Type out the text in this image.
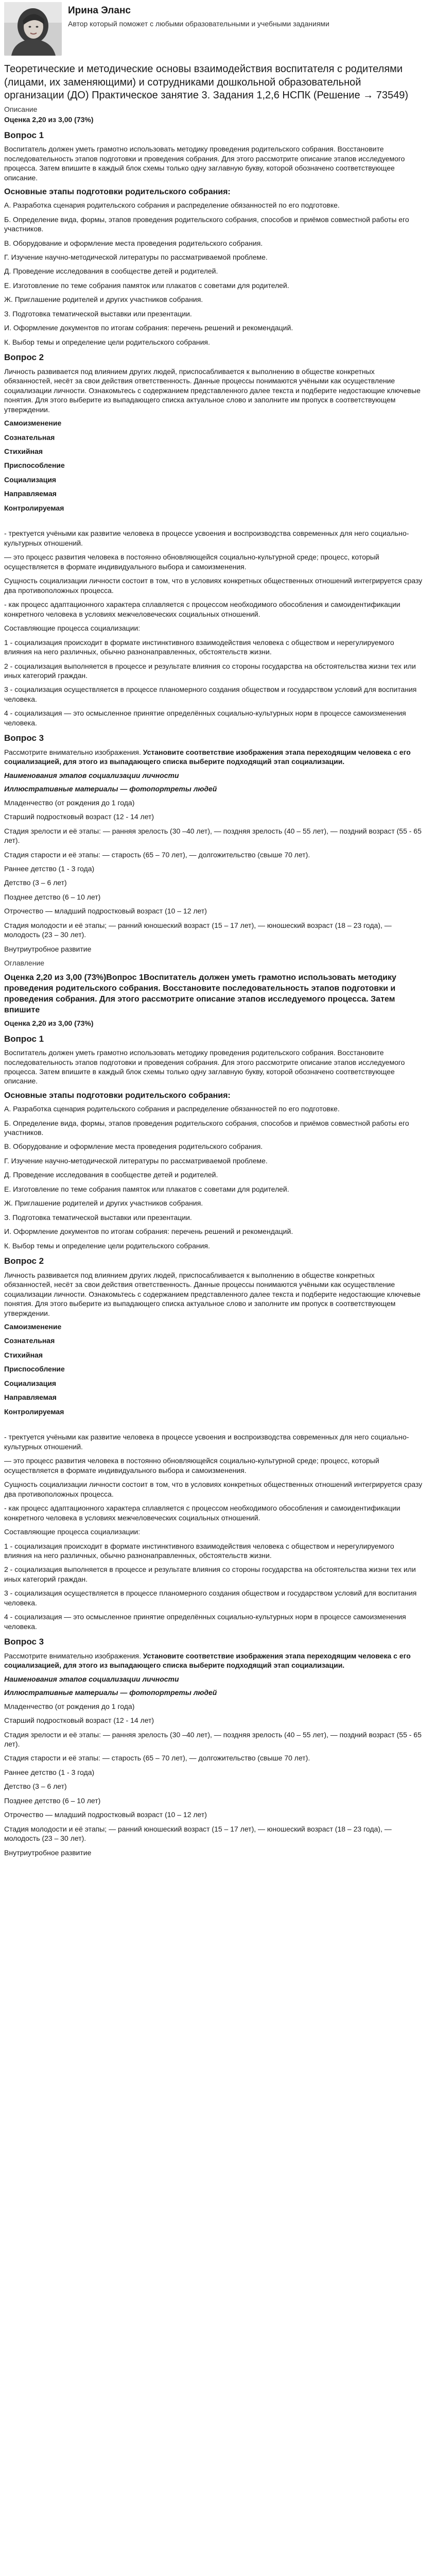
Ирина Эланс
Автор который поможет с любыми образовательными и учебными заданиями
Теоретические и методические основы взаимодействия воспитателя с родителями (лицами, их заменяющими) и сотрудниками дошкольной образовательной организации (ДО) Практическое занятие 3. Задания 1,2,6 НСПК (Решение → 73549)
Описание
Оценка 2,20 из 3,00 (73%)
Вопрос 1

Воспитатель должен уметь грамотно использовать методику проведения родительского собрания. Восстановите последовательность этапов подготовки и проведения собрания. Для этого рассмотрите описание этапов исследуемого процесса. Затем впишите в каждый блок схемы только одну заглавную букву, которой обозначено соответствующее описание.

Основные этапы подготовки родительского собрания:

А. Разработка сценария родительского собрания и распределение обязанностей по его подготовке.

Б. Определение вида, формы, этапов проведения родительского собрания, способов и приёмов совместной работы его участников.

В. Оборудование и оформление места проведения родительского собрания.

Г. Изучение научно-методической литературы по рассматриваемой проблеме.

Д. Проведение исследования в сообществе детей и родителей.

Е. Изготовление по теме собрания памяток или плакатов с советами для родителей.

Ж. Приглашение родителей и других участников собрания.

З. Подготовка тематической выставки или презентации.

И. Оформление документов по итогам собрания: перечень решений и рекомендаций.

К. Выбор темы и определение цели родительского собрания.

Вопрос 2

Личность развивается под влиянием других людей, приспосабливается к выполнению в обществе конкретных обязанностей, несёт за свои действия ответственность. Данные процессы понимаются учёными как осуществление социализации личности. Ознакомьтесь с содержанием представленного далее текста и подберите недостающие ключевые понятия. Для этого выберите из выпадающего списка актуальное слово и заполните им пропуск в соответствующем утверждении.

Самоизменение

Сознательная

Стихийная

Приспособление

Социализация

Направляемая

Контролируемая

- тректуется учёными как развитие человека в процессе усвоения и воспроизводства современных для него социально-культурных отношений.

— это процесс развития человека в постоянно обновляющейся социально-культурной среде; процесс, который осуществляется в формате индивидуального выбора и самоизменения.

Сущность социализации личности состоит в том, что в условиях конкретных общественных отношений интегрируется сразу два противоположных процесса.

- как процесс адаптационного характера сплавляется с процессом необходимого обособления и самоидентификации конкретного человека в условиях межчеловеческих социальных отношений.

Составляющие процесса социализации:

1 - социализация происходит в формате инстинктивного взаимодействия человека с обществом и нерегулируемого влияния на него различных, обычно разнонаправленных, обстоятельств жизни.

2 - социализация выполняется в процессе и результате влияния со стороны государства на обстоятельства жизни тех или иных категорий граждан.

3 - социализация осуществляется в процессе планомерного создания обществом и государством условий для воспитания человека.

4 - социализация — это осмысленное принятие определённых социально-культурных норм в процессе самоизменения человека.

Вопрос 3

Рассмотрите внимательно изображения. Установите соответствие изображения этапа переходящим человека с его социализацией, для этого из выпадающего списка выберите подходящий этап социализации.

Наименования этапов социализации личности

Иллюстративные материалы — фотопортреты людей

Младенчество (от рождения до 1 года)

Старший подростковый возраст (12 - 14 лет)

Стадия зрелости и её этапы: — ранняя зрелость (30 –40 лет), — поздняя зрелость (40 – 55 лет), — поздний возраст (55 - 65 лет).

Стадия старости и её этапы: — старость (65 – 70 лет), — долгожительство (свыше 70 лет).

Раннее детство (1 - 3 года)

Детство (3 – 6 лет)

Позднее детство (6 – 10 лет)

Отрочество — младший подростковый возраст (10 – 12 лет)

Стадия молодости и её этапы; — ранний юношеский возраст (15 – 17 лет), — юношеский возраст (18 – 23 года), — молодость (23 – 30 лет).

Внутриутробное развитие

Оглавление
Оценка 2,20 из 3,00 (73%)Вопрос 1Воспитатель должен уметь грамотно использовать методику проведения родительского собрания. Восстановите последовательность этапов подготовки и проведения собрания. Для этого рассмотрите описание этапов исследуемого процесса. Затем впишите
Оценка 2,20 из 3,00 (73%)
Вопрос 1

Воспитатель должен уметь грамотно использовать методику проведения родительского собрания. Восстановите последовательность этапов подготовки и проведения собрания. Для этого рассмотрите описание этапов исследуемого процесса. Затем впишите в каждый блок схемы только одну заглавную букву, которой обозначено соответствующее описание.

Основные этапы подготовки родительского собрания:

А. Разработка сценария родительского собрания и распределение обязанностей по его подготовке.

Б. Определение вида, формы, этапов проведения родительского собрания, способов и приёмов совместной работы его участников.

В. Оборудование и оформление места проведения родительского собрания.

Г. Изучение научно-методической литературы по рассматриваемой проблеме.

Д. Проведение исследования в сообществе детей и родителей.

Е. Изготовление по теме собрания памяток или плакатов с советами для родителей.

Ж. Приглашение родителей и других участников собрания.

З. Подготовка тематической выставки или презентации.

И. Оформление документов по итогам собрания: перечень решений и рекомендаций.

К. Выбор темы и определение цели родительского собрания.

Вопрос 2

Личность развивается под влиянием других людей, приспосабливается к выполнению в обществе конкретных обязанностей, несёт за свои действия ответственность. Данные процессы понимаются учёными как осуществление социализации личности. Ознакомьтесь с содержанием представленного далее текста и подберите недостающие ключевые понятия. Для этого выберите из выпадающего списка актуальное слово и заполните им пропуск в соответствующем утверждении.

Самоизменение

Сознательная

Стихийная

Приспособление

Социализация

Направляемая

Контролируемая

- тректуется учёными как развитие человека в процессе усвоения и воспроизводства современных для него социально-культурных отношений.

— это процесс развития человека в постоянно обновляющейся социально-культурной среде; процесс, который осуществляется в формате индивидуального выбора и самоизменения.

Сущность социализации личности состоит в том, что в условиях конкретных общественных отношений интегрируется сразу два противоположных процесса.

- как процесс адаптационного характера сплавляется с процессом необходимого обособления и самоидентификации конкретного человека в условиях межчеловеческих социальных отношений.

Составляющие процесса социализации:

1 - социализация происходит в формате инстинктивного взаимодействия человека с обществом и нерегулируемого влияния на него различных, обычно разнонаправленных, обстоятельств жизни.

2 - социализация выполняется в процессе и результате влияния со стороны государства на обстоятельства жизни тех или иных категорий граждан.

3 - социализация осуществляется в процессе планомерного создания обществом и государством условий для воспитания человека.

4 - социализация — это осмысленное принятие определённых социально-культурных норм в процессе самоизменения человека.

Вопрос 3

Рассмотрите внимательно изображения. Установите соответствие изображения этапа переходящим человека с его социализацией, для этого из выпадающего списка выберите подходящий этап социализации.

Наименования этапов социализации личности

Иллюстративные материалы — фотопортреты людей

Младенчество (от рождения до 1 года)

Старший подростковый возраст (12 - 14 лет)

Стадия зрелости и её этапы: — ранняя зрелость (30 –40 лет), — поздняя зрелость (40 – 55 лет), — поздний возраст (55 - 65 лет).

Стадия старости и её этапы: — старость (65 – 70 лет), — долгожительство (свыше 70 лет).

Раннее детство (1 - 3 года)

Детство (3 – 6 лет)

Позднее детство (6 – 10 лет)

Отрочество — младший подростковый возраст (10 – 12 лет)

Стадия молодости и её этапы; — ранний юношеский возраст (15 – 17 лет), — юношеский возраст (18 – 23 года), — молодость (23 – 30 лет).

Внутриутробное развитие
